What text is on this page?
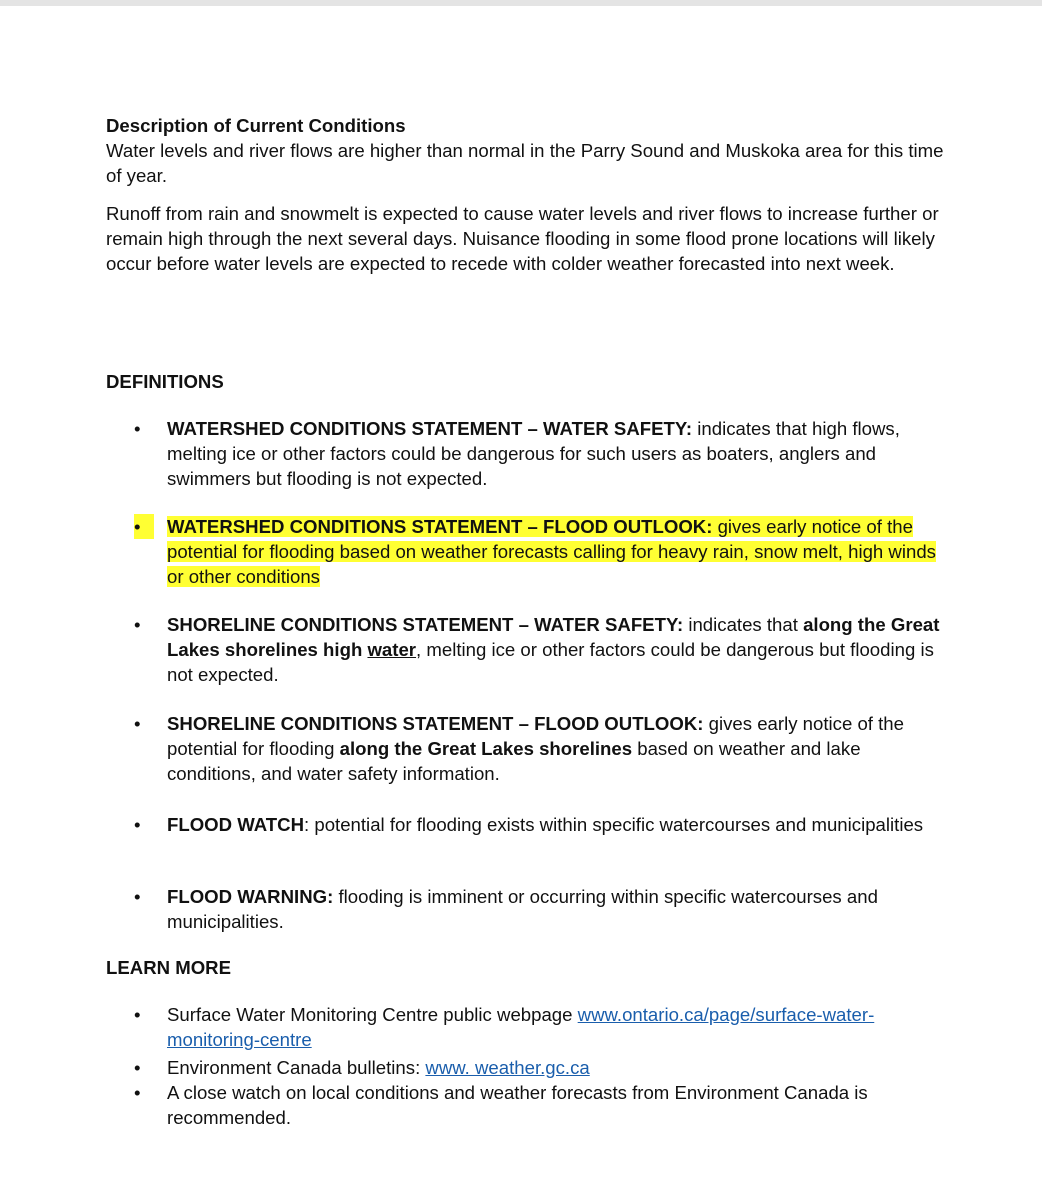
Description of Current Conditions

Water levels and river flows are higher than normal in the Parry Sound and Muskoka area for this time of year.

Runoff from rain and snowmelt is expected to cause water levels and river flows to increase further or remain high through the next several days. Nuisance flooding in some flood prone locations will likely occur before water levels are expected to recede with colder weather forecasted into next week.

DEFINITIONS
•	WATERSHED CONDITIONS STATEMENT – WATER SAFETY: indicates that high flows, melting ice or other factors could be dangerous for such users as boaters, anglers and swimmers but flooding is not expected.
•	WATERSHED CONDITIONS STATEMENT – FLOOD OUTLOOK: gives early notice of the potential for flooding based on weather forecasts calling for heavy rain, snow melt, high winds or other conditions
•	SHORELINE CONDITIONS STATEMENT – WATER SAFETY: indicates that along the Great Lakes shorelines high water, melting ice or other factors could be dangerous but flooding is not expected.
•	SHORELINE CONDITIONS STATEMENT – FLOOD OUTLOOK: gives early notice of the potential for flooding along the Great Lakes shorelines based on weather and lake conditions, and water safety information.
•	FLOOD WATCH: potential for flooding exists within specific watercourses and municipalities
•	FLOOD WARNING: flooding is imminent or occurring within specific watercourses and municipalities.
LEARN MORE
•	Surface Water Monitoring Centre public webpage www.ontario.ca/page/surface-water-monitoring-centre
•	Environment Canada bulletins: www. weather.gc.ca
•	A close watch on local conditions and weather forecasts from Environment Canada is recommended.
